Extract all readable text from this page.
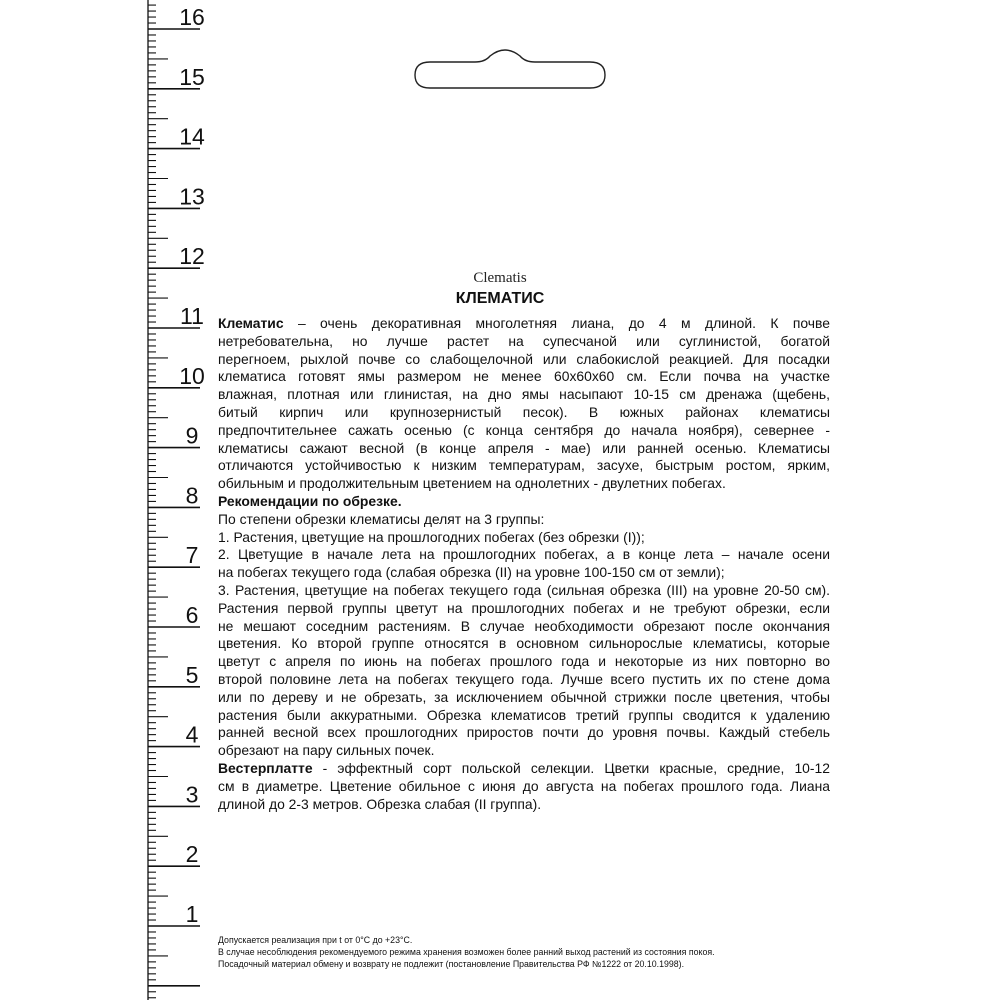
16
15
14
13
12
11
10
9
8
7
6
5
4
3
2
1
Clematis
КЛЕМАТИС

Клематис – очень декоративная многолетняя лиана, до 4 м длиной. К почве

нетребовательна, но лучше растет на супесчаной или суглинистой, богатой

перегноем, рыхлой почве со слабощелочной или слабокислой реакцией. Для посадки

клематиса готовят ямы размером не менее 60х60х60 см. Если почва на участке

влажная, плотная или глинистая, на дно ямы насыпают 10-15 см дренажа (щебень,

битый кирпич или крупнозернистый песок). В южных районах клематисы

предпочтительнее сажать осенью (с конца сентября до начала ноября), севернее -

клематисы сажают весной (в конце апреля - мае) или ранней осенью. Клематисы

отличаются устойчивостью к низким температурам, засухе, быстрым ростом, ярким,

обильным и продолжительным цветением на однолетних - двулетних побегах.

Рекомендации по обрезке.

По степени обрезки клематисы делят на 3 группы:

1. Растения, цветущие на прошлогодних побегах (без обрезки (I));

2. Цветущие в начале лета на прошлогодних побегах, а в конце лета – начале осени

на побегах текущего года (слабая обрезка (II) на уровне 100-150 см от земли);

3. Растения, цветущие на побегах текущего года (сильная обрезка (III) на уровне 20-50 см).

Растения первой группы цветут на прошлогодних побегах и не требуют обрезки, если

не мешают соседним растениям. В случае необходимости обрезают после окончания

цветения. Ко второй группе относятся в основном сильнорослые клематисы, которые

цветут с апреля по июнь на побегах прошлого года и некоторые из них повторно во

второй половине лета на побегах текущего года. Лучше всего пустить их по стене дома

или по дереву и не обрезать, за исключением обычной стрижки после цветения, чтобы

растения были аккуратными. Обрезка клематисов третий группы сводится к удалению

ранней весной всех прошлогодних приростов почти до уровня почвы. Каждый стебель

обрезают на пару сильных почек.

Вестерплатте - эффектный сорт польской селекции. Цветки красные, средние, 10-12

см в диаметре. Цветение обильное с июня до августа на побегах прошлого года. Лиана

длиной до 2-3 метров. Обрезка слабая (II группа).

Допускается реализация при t от 0°С до +23°С.

В случае несоблюдения рекомендуемого режима хранения возможен более ранний выход растений из состояния покоя.

Посадочный материал обмену и возврату не подлежит (постановление Правительства РФ №1222 от 20.10.1998).
